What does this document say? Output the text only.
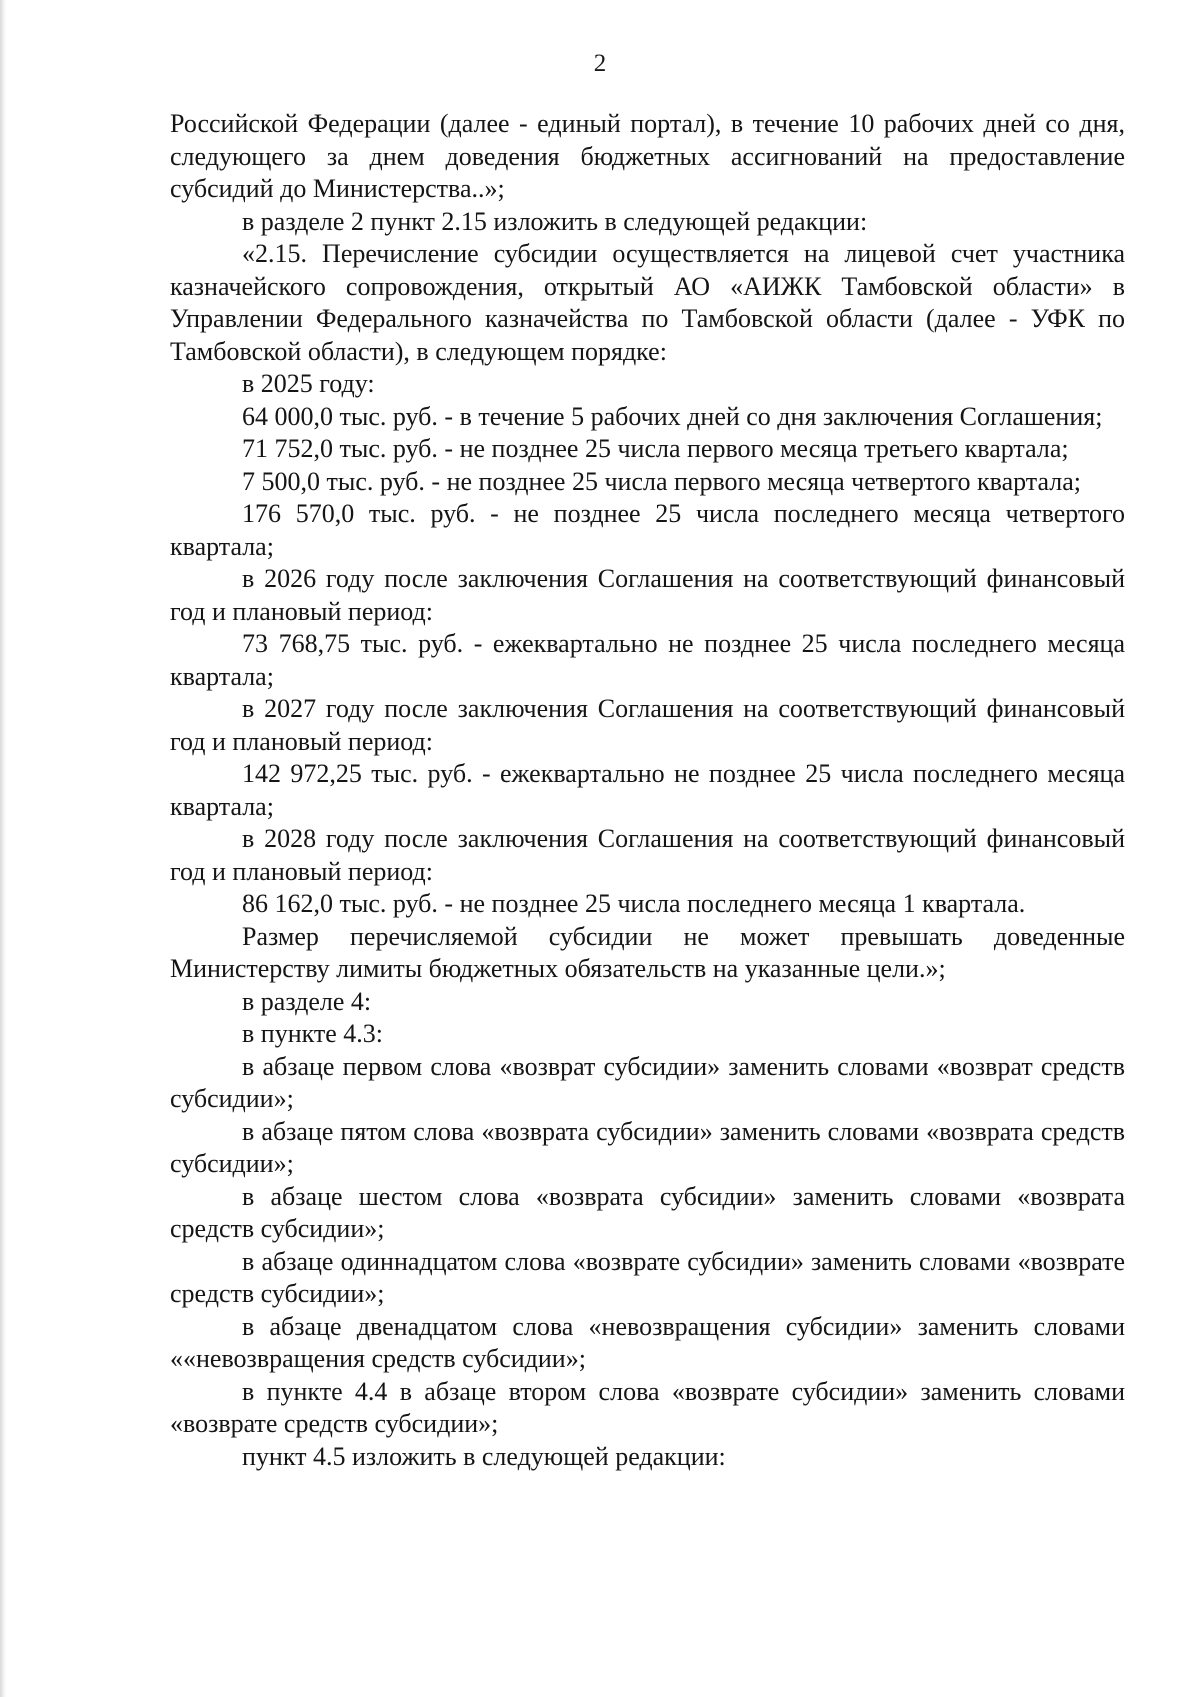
2

Российской Федерации (далее - единый портал), в течение 10 рабочих дней со дня, следующего за днем доведения бюджетных ассигнований на предоставление субсидий до Министерства..»;

в разделе 2 пункт 2.15 изложить в следующей редакции:

«2.15. Перечисление субсидии осуществляется на лицевой счет участника казначейского сопровождения, открытый АО «АИЖК Тамбовской области» в Управлении Федерального казначейства по Тамбовской области (далее - УФК по Тамбовской области), в следующем порядке:

в 2025 году:

64 000,0 тыс. руб. - в течение 5 рабочих дней со дня заключения Соглашения;

71 752,0 тыс. руб. - не позднее 25 числа первого месяца третьего квартала;

7 500,0 тыс. руб. - не позднее 25 числа первого месяца четвертого квартала;

176 570,0 тыс. руб. - не позднее 25 числа последнего месяца четвертого квартала;

в 2026 году после заключения Соглашения на соответствующий финансовый год и плановый период:

73 768,75 тыс. руб. - ежеквартально не позднее 25 числа последнего месяца квартала;

в 2027 году после заключения Соглашения на соответствующий финансовый год и плановый период:

142 972,25 тыс. руб. - ежеквартально не позднее 25 числа последнего месяца квартала;

в 2028 году после заключения Соглашения на соответствующий финансовый год и плановый период:

86 162,0 тыс. руб. - не позднее 25 числа последнего месяца 1 квартала.

Размер перечисляемой субсидии не может превышать доведенные Министерству лимиты бюджетных обязательств на указанные цели.»;

в разделе 4:

в пункте 4.3:

в абзаце первом слова «возврат субсидии» заменить словами «возврат средств субсидии»;

в абзаце пятом слова «возврата субсидии» заменить словами «возврата средств субсидии»;

в абзаце шестом слова «возврата субсидии» заменить словами «возврата средств субсидии»;

в абзаце одиннадцатом слова «возврате субсидии» заменить словами «возврате средств субсидии»;

в абзаце двенадцатом слова «невозвращения субсидии» заменить словами ««невозвращения средств субсидии»;

в пункте 4.4 в абзаце втором слова «возврате субсидии» заменить словами «возврате средств субсидии»;

пункт 4.5 изложить в следующей редакции:
